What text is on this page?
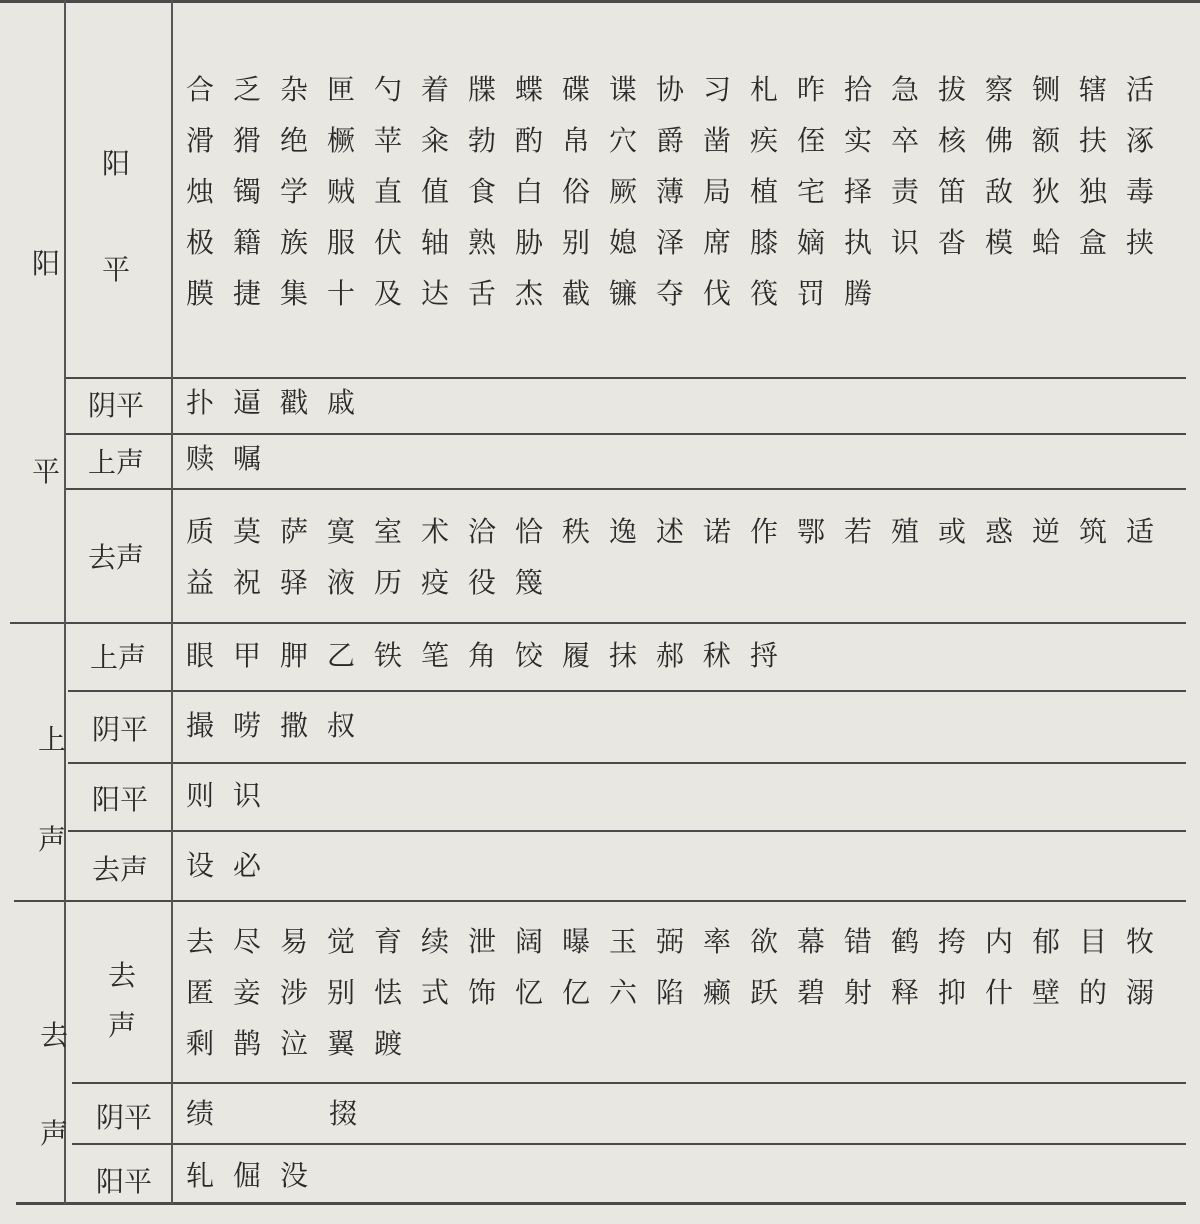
阳
平
阳
平
合乏杂匣勺着牒蝶碟谍协习札昨拾急拔察铡辖活
滑猾绝橛苹籴勃酌帛穴爵凿疾侄实卒核佛额扶涿
烛镯学贼直值食白俗厥薄局植宅择责笛敌狄独毒
极籍族服伏轴熟胁别媳泽席膝嫡执识沓模蛤盒挟
膜捷集十及达舌杰截镰夺伐筏罚腾
阴平 扑逼戳戚
上声 赎嘱
去声
质莫萨寞室术洽恰秩逸述诺作鄂若殖或惑逆筑适
益祝驿液历疫役篾
上
声
上声 眼甲胛乙铁笔角饺履抹郝秫捋
阴平 撮唠撒叔
阳平 则识
去声 设必
去
声
去
声
去尽易觉育续泄阔曝玉弼率欲幕错鹤挎内郁目牧
匿妾涉别怯式饰忆亿六陷癞跃碧射释抑什壁的溺
剩鹊泣翼踱
阴平 绩	掇
阳平 轧倔没
